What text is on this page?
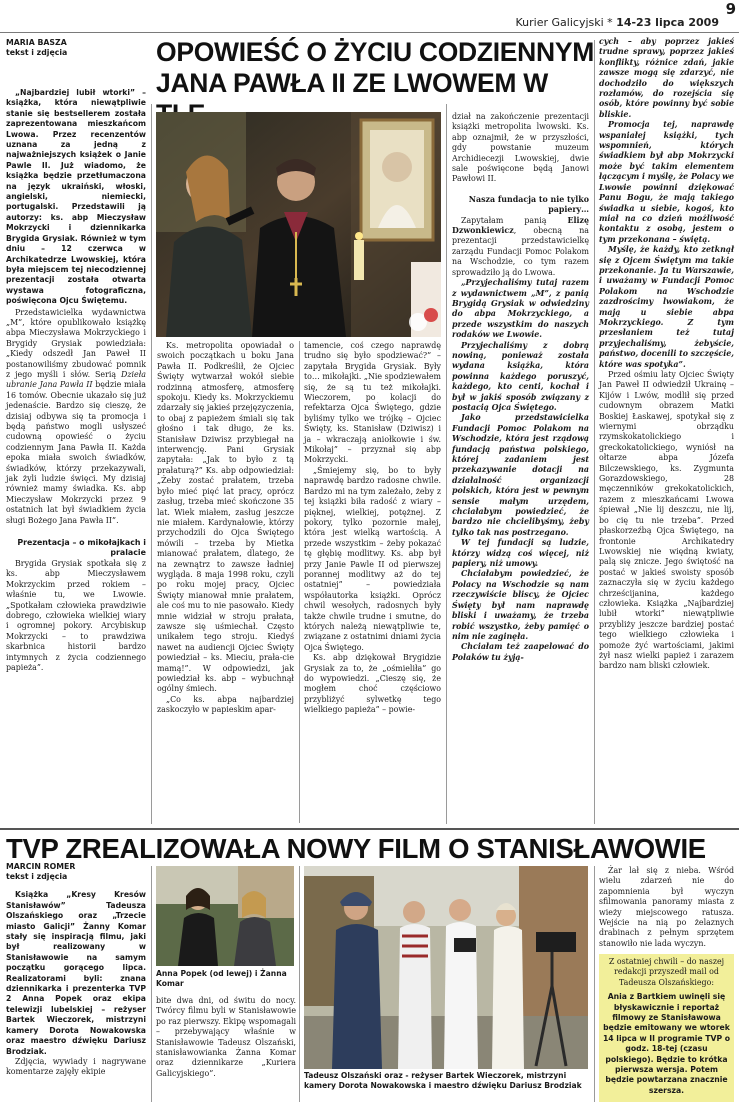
Kurier Galicyjski * 14-23 lipca 2009
9
MARIA BASZA
tekst i zdjęcia	OPOWIEŚĆ O ŻYCIU CODZIENNYM
JANA PAWŁA II ZE LWOWEM W
„Najbardziej lubił wtorki” – książka, która niewątpliwie stanie się bestsellerem została zaprezentowana mieszkańcom Lwowa. Przez recenzentów uznana za jedną z najważniejszych książek o Janie Pawle II. Już wiadomo, że książka będzie przetłumaczona na język ukraiński, włoski, angielski, niemiecki, portugalski. Przedstawili ją autorzy: ks. abp Mieczysław Mokrzycki i dziennikarka Brygida Grysiak. Również w tym dniu – 12 czerwca w Archikatedrze Lwowskiej, która była miejscem tej niecodziennej prezentacji została otwarta wystawa fotograficzna, poświęcona Ojcu Świętemu.

Przedstawicielka wydawnictwa „M”, które opublikowało książkę abpa Mieczysława Mokrzyckiego i Brygidy Grysiak powiedziała: „Kiedy odszedł Jan Paweł II postanowiliśmy zbudować pomnik z jego myśli i słów. Serią Dzieła ubranie Jana Pawła II będzie miała 16 tomów. Obecnie ukazało się już jedenaście. Bardzo się cieszę, że dzisiaj odbywa się ta promocja i będą państwo mogli usłyszeć cudowną opowieść o życiu codziennym Jana Pawła II. Każda epoka miała swoich świadków, świadków, którzy przekazywali, jak żyli ludzie święci. My dzisiaj również mamy świadka. Ks. abp Mieczysław Mokrzycki przez 9 ostatnich lat był świadkiem życia sługi Bożego Jana Pawła II”.

Prezentacja – o mikołajkach i pralacie

Brygida Grysiak spotkała się z ks. abp Mieczysławem Mokrzyckim przed rokiem – właśnie tu, we Lwowie. „Spotkałam człowieka prawdziwie dobrego, człowieka wielkiej wiary i ogromnej pokory. Arcybiskup Mokrzycki – to prawdziwa skarbnica historii bardzo intymnych z życia codziennego papieża”.

Ks. metropolita opowiadał o swoich początkach u boku Jana Pawła II. Podkreślił, że Ojciec Święty wytwarzał wokół siebie rodzinną atmosferę, atmosferę spokoju. Kiedy ks. Mokrzyckiemu zdarzały się jakieś przejęzyczenia, to obaj z papieżem śmiali się tak głośno i tak długo, że ks. Stanisław Dziwisz przybiegał na interwencję. Pani Grysiak zapytała: „Jak to było z tą prałaturą?” Ks. abp odpowiedział: „Żeby zostać prałatem, trzeba było mieć pięć lat pracy, oprócz zasług, trzeba mieć skończone 35 lat. Wiek miałem, zasług jeszcze nie miałem. Kardynałowie, którzy przychodzili do Ojca Świętego mówili – trzeba by Mietka mianować prałatem, dlatego, że na zewnątrz to zawsze ładniej wygląda. 8 maja 1998 roku, czyli po roku mojej pracy, Ojciec Święty mianował mnie prałatem, ale coś mu to nie pasowało. Kiedy mnie widział w stroju prałata, zawsze się uśmiechał. Często unikałem tego stroju. Kiedyś nawet na audiencji Ojciec Święty powiedział – ks. Mieciu, prała-cie mamą!”. W odpowiedzi, jak powiedział ks. abp – wybuchnął ogólny śmiech.

„Co ks. abpa najbardziej zaskoczyło w papieskim apar-

tamencie, coś czego naprawdę trudno się było spodziewać?” – zapytała Brygida Grysiak. Były to… mikołajki. „Nie spodziewałem się, że są tu też mikołajki. Wieczorem, po kolacji do refektarza Ojca Świętego, gdzie byliśmy tylko we trójkę – Ojciec Święty, ks. Stanisław (Dziwisz) i ja – wkraczają aniołkowie i św. Mikołaj” – przyznał się abp Mokrzycki.

„Śmiejemy się, bo to były naprawdę bardzo radosne chwile. Bardzo mi na tym zależało, żeby z tej książki biła radość z wiary – pięknej, wielkiej, potężnej. Z pokory, tylko pozornie małej, która jest wielką wartością. A przede wszystkim – żeby pokazać tę głębię modlitwy. Ks. abp był przy Janie Pawle II od pierwszej porannej modlitwy aż do tej ostatniej” – powiedziała współautorka książki. Oprócz chwil wesołych, radosnych były także chwile trudne i smutne, do których należą niewątpliwie te, związane z ostatnimi dniami życia Ojca Świętego.

Ks. abp dziękował Brygidzie Grysiak za to, że „ośmieliła” go do wypowiedzi. „Cieszę się, że mogłem choć częściowo przybliżyć sylwetkę tego wielkiego papieża” – powie-

dział na zakończenie prezentacji książki metropolita lwowski. Ks. abp oznajmił, że w przyszłości, gdy powstanie muzeum Archidiecezji Lwowskiej, dwie sale poświęcone będą Janowi Pawłowi II.

Nasza fundacja to nie tylko papiery…

Zapytałam panią Elizę Dzwonkiewicz, obecną na prezentacji przedstawicielkę zarządu Fundacji Pomoc Polakom na Wschodzie, co tym razem sprowadziło ją do Lwowa.

„Przyjechaliśmy tutaj razem z wydawnictwem „M”, z panią Brygidą Grysiak w odwiedziny do abpa Mokrzyckiego, a przede wszystkim do naszych rodaków we Lwowie.

Przyjechaliśmy z dobrą nowiną, ponieważ została wydana książka, która powinna każdego poruszyć, każdego, kto centi, kochał i był w jakiś sposób związany z postacią Ojca Świętego.

Jako przedstawicielka Fundacji Pomoc Polakom na Wschodzie, która jest rządową fundacją państwa polskiego, której zadaniem jest przekazywanie dotacji na działalność organizacji polskich, która jest w pewnym sensie małym urzędem, chciałabym powiedzieć, że bardzo nie chcielibyśmy, żeby tylko tak nas postrzegano.

W tej fundacji są ludzie, którzy widzą coś więcej, niż papiery, niż umowy.

Chciałabym powiedzieć, że Polacy na Wschodzie są nam rzeczywiście bliscy, że Ojciec Święty był nam naprawdę bliski i uważamy, że trzeba robić wszystko, żeby pamięć o nim nie zaginęła.

Chciałam też zaapelować do Polaków tu żyją-

cych – aby poprzez jakieś trudne sprawy, poprzez jakieś konflikty, różnice zdań, jakie zawsze mogą się zdarzyć, nie dochodziło do większych rozłamów, do rozejścia się osób, które powinny być sobie bliskie.

Promocja tej, naprawdę wspaniałej książki, tych wspomnień, których świadkiem był abp Mokrzycki może być takim elementem łączącym i myślę, że Polacy we Lwowie powinni dziękować Panu Bogu, że mają takiego świadka u siebie, kogoś, kto miał na co dzień możliwość kontaktu z osobą, jestem o tym przekonana – świętą.

Myślę, że każdy, kto zetknął się z Ojcem Świętym ma takie przekonanie. Ja tu Warszawie, i uważamy w Fundacji Pomoc Polakom na Wschodzie zazdrościmy lwowiakom, że mają u siebie abpa Mokrzyckiego. Z tym przesłaniem też tutaj przyjechaliśmy, żebyście, państwo, docenili to szczęście, które was spotyka”.

Przed ośmiu laty Ojciec Święty Jan Paweł II odwiedził Ukrainę – Kijów i Lwów, modlił się przed cudownym obrazem Matki Boskiej Łaskawej, spotykał się z wiernymi obrządku rzymskokatolickiego i greckokatolickiego, wyniósł na ołtarze abpa Józefa Bilczewskiego, ks. Zygmunta Gorazdowskiego, 28 męczenników grekokatolickich, razem z mieszkańcami Lwowa śpiewał „Nie lij deszczu, nie lij, bo cię tu nie trzeba”. Przed płaskorzeźbą Ojca Świętego, na frontonie Archikatedry Lwowskiej nie więdną kwiaty, palą się znicze. Jego świętość na postać w jakieś swoisty sposób zaznaczyła się w życiu każdego chrześcijanina, każdego człowieka. Książka „Najbardziej lubił wtorki” niewątpliwie przybliży jeszcze bardziej postać tego wielkiego człowieka i pomoże żyć wartościami, jakimi żył nasz wielki papież i zarazem bardzo nam bliski człowiek.

TVP ZREALIZOWAŁA NOWY FILM O STANISŁAWOWIE
MARCIN ROMER
tekst i zdjęcia
Książka „Kresy Kresów Stanisławów” Tadeusza Olszańskiego oraz „Trzecie miasto Galicji” Żanny Komar stały się inspiracją filmu, jaki był realizowany w Stanisławowie na samym początku gorącego lipca. Realizatorami byli: znana dziennikarka i prezenterka TVP 2 Anna Popek oraz ekipa telewizji lubelskiej – reżyser Bartek Wieczorek, mistrzyni kamery Dorota Nowakowska oraz maestro dźwięku Dariusz Brodziak.

Zdjęcia, wywiady i nagrywane komentarze zajęły ekipie

Anna Popek (od lewej) i Żanna Komar

bite dwa dni, od świtu do nocy. Twórcy filmu byli w Stanisławowie po raz pierwszy. Ekipę wspomagali – przebywający właśnie w Stanisławowie Tadeusz Olszański, stanisławowianka Żanna Komar oraz dziennikarze „Kuriera Galicyjskiego”.	Tadeusz Olszański oraz - reżyser Bartek Wieczorek, mistrzyni kamery Dorota Nowakowska i maestro dźwięku Dariusz Brodziak

Żar lał się z nieba. Wśród wielu zdarzeń nie do zapomnienia był wyczyn sfilmowania panoramy miasta z wieży miejscowego ratusza. Wejście na nią po żelaznych drabinach z pełnym sprzętem stanowiło nie lada wyczyn.

Z ostatniej chwili – do naszej redakcji przyszedł mail od Tadeusza Olszańskiego:
Ania z Bartkiem uwinęli się błyskawicznie i reportaż filmowy ze Stanisławowa będzie emitowany we wtorek 14 lipca w II programie TVP o godz. 18-tej (czasu polskiego). Będzie to krótka pierwsza wersja. Potem będzie powtarzana znacznie szersza.
